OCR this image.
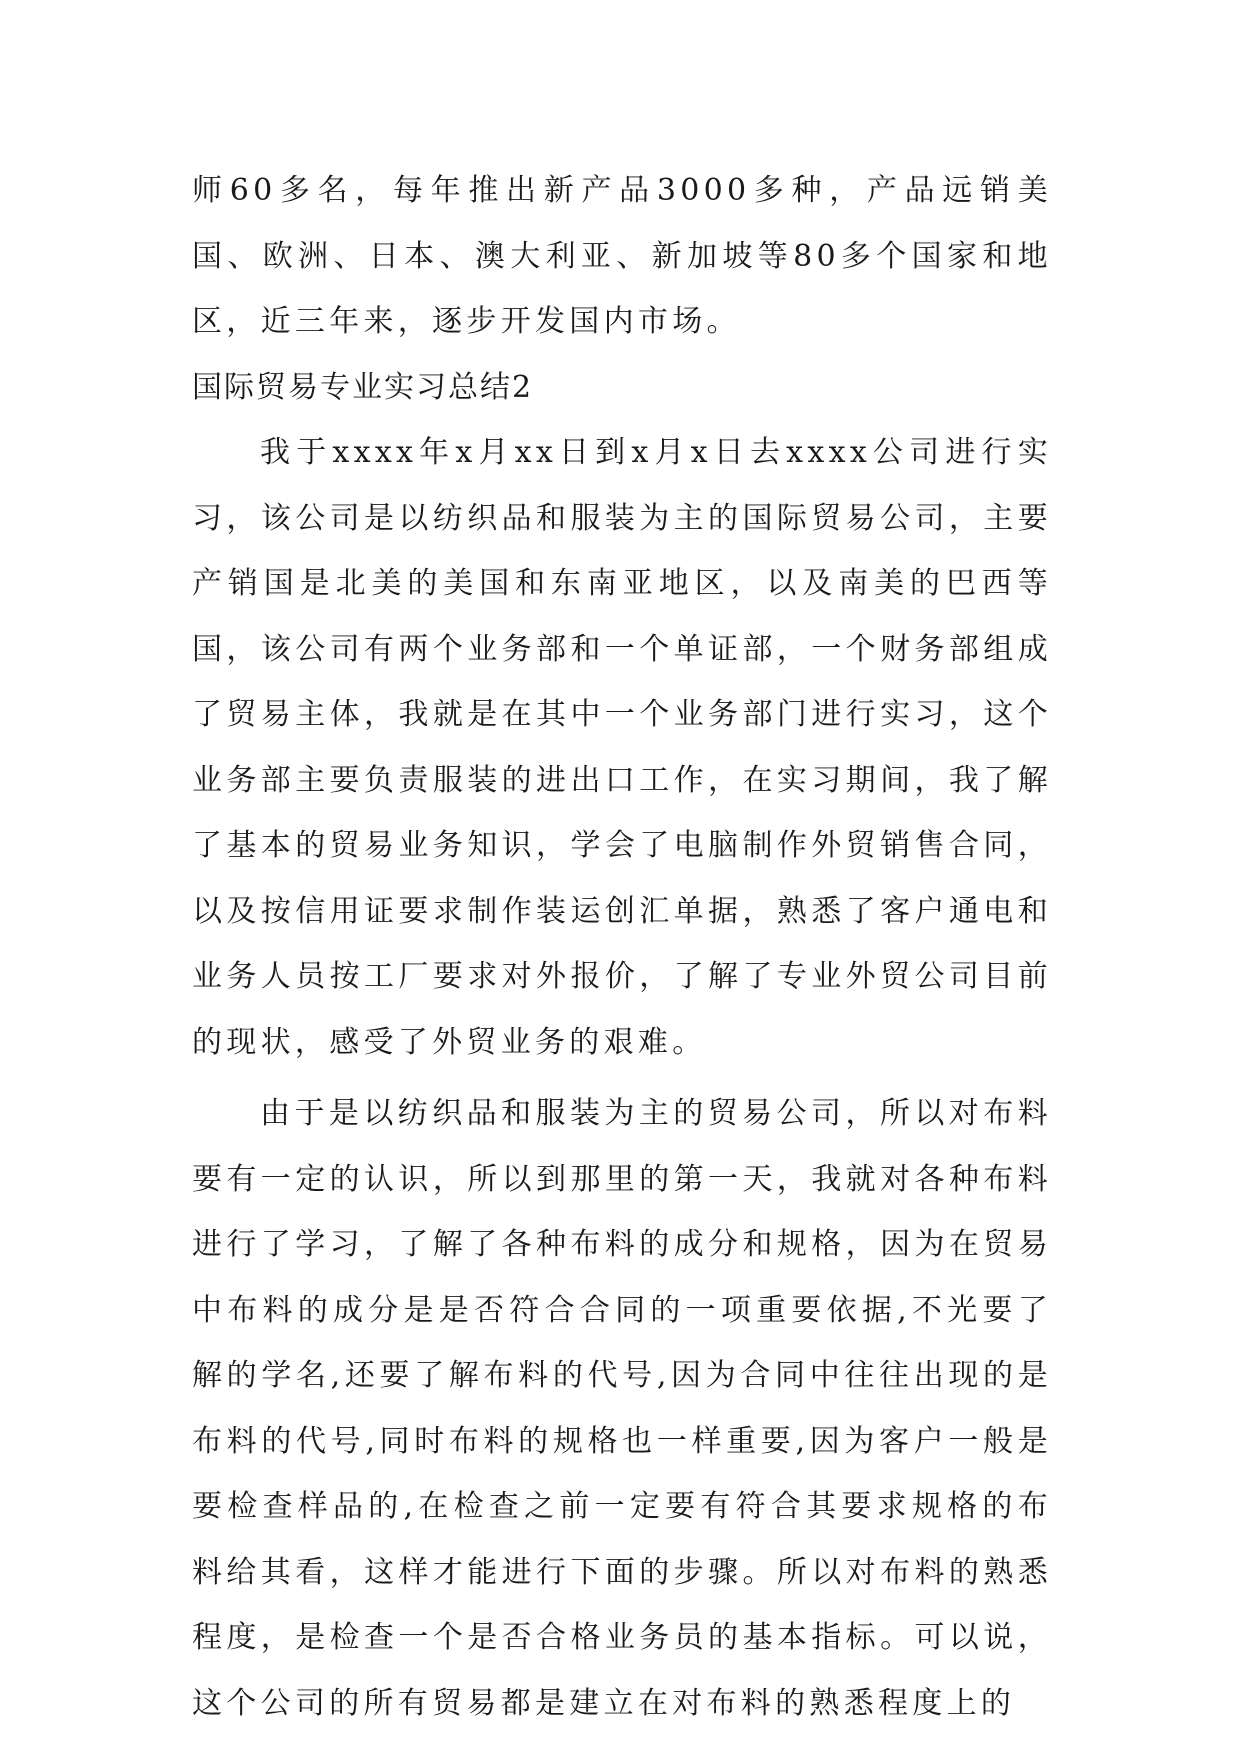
师60多名，每年推出新产品3000多种，产品远销美国、欧洲、日本、澳大利亚、新加坡等80多个国家和地区，近三年来，逐步开发国内市场。

国际贸易专业实习总结2

我于xxxx年x月xx日到x月x日去xxxx公司进行实习，该公司是以纺织品和服装为主的国际贸易公司，主要产销国是北美的美国和东南亚地区，以及南美的巴西等国，该公司有两个业务部和一个单证部，一个财务部组成了贸易主体，我就是在其中一个业务部门进行实习，这个业务部主要负责服装的进出口工作，在实习期间，我了解了基本的贸易业务知识，学会了电脑制作外贸销售合同，以及按信用证要求制作装运创汇单据，熟悉了客户通电和业务人员按工厂要求对外报价，了解了专业外贸公司目前的现状，感受了外贸业务的艰难。

由于是以纺织品和服装为主的贸易公司，所以对布料要有一定的认识，所以到那里的第一天，我就对各种布料进行了学习，了解了各种布料的成分和规格，因为在贸易中布料的成分是是否符合合同的一项重要依据,不光要了解的学名,还要了解布料的代号,因为合同中往往出现的是布料的代号,同时布料的规格也一样重要,因为客户一般是要检查样品的,在检查之前一定要有符合其要求规格的布料给其看，这样才能进行下面的步骤。所以对布料的熟悉程度，是检查一个是否合格业务员的基本指标。可以说，这个公司的所有贸易都是建立在对布料的熟悉程度上的
